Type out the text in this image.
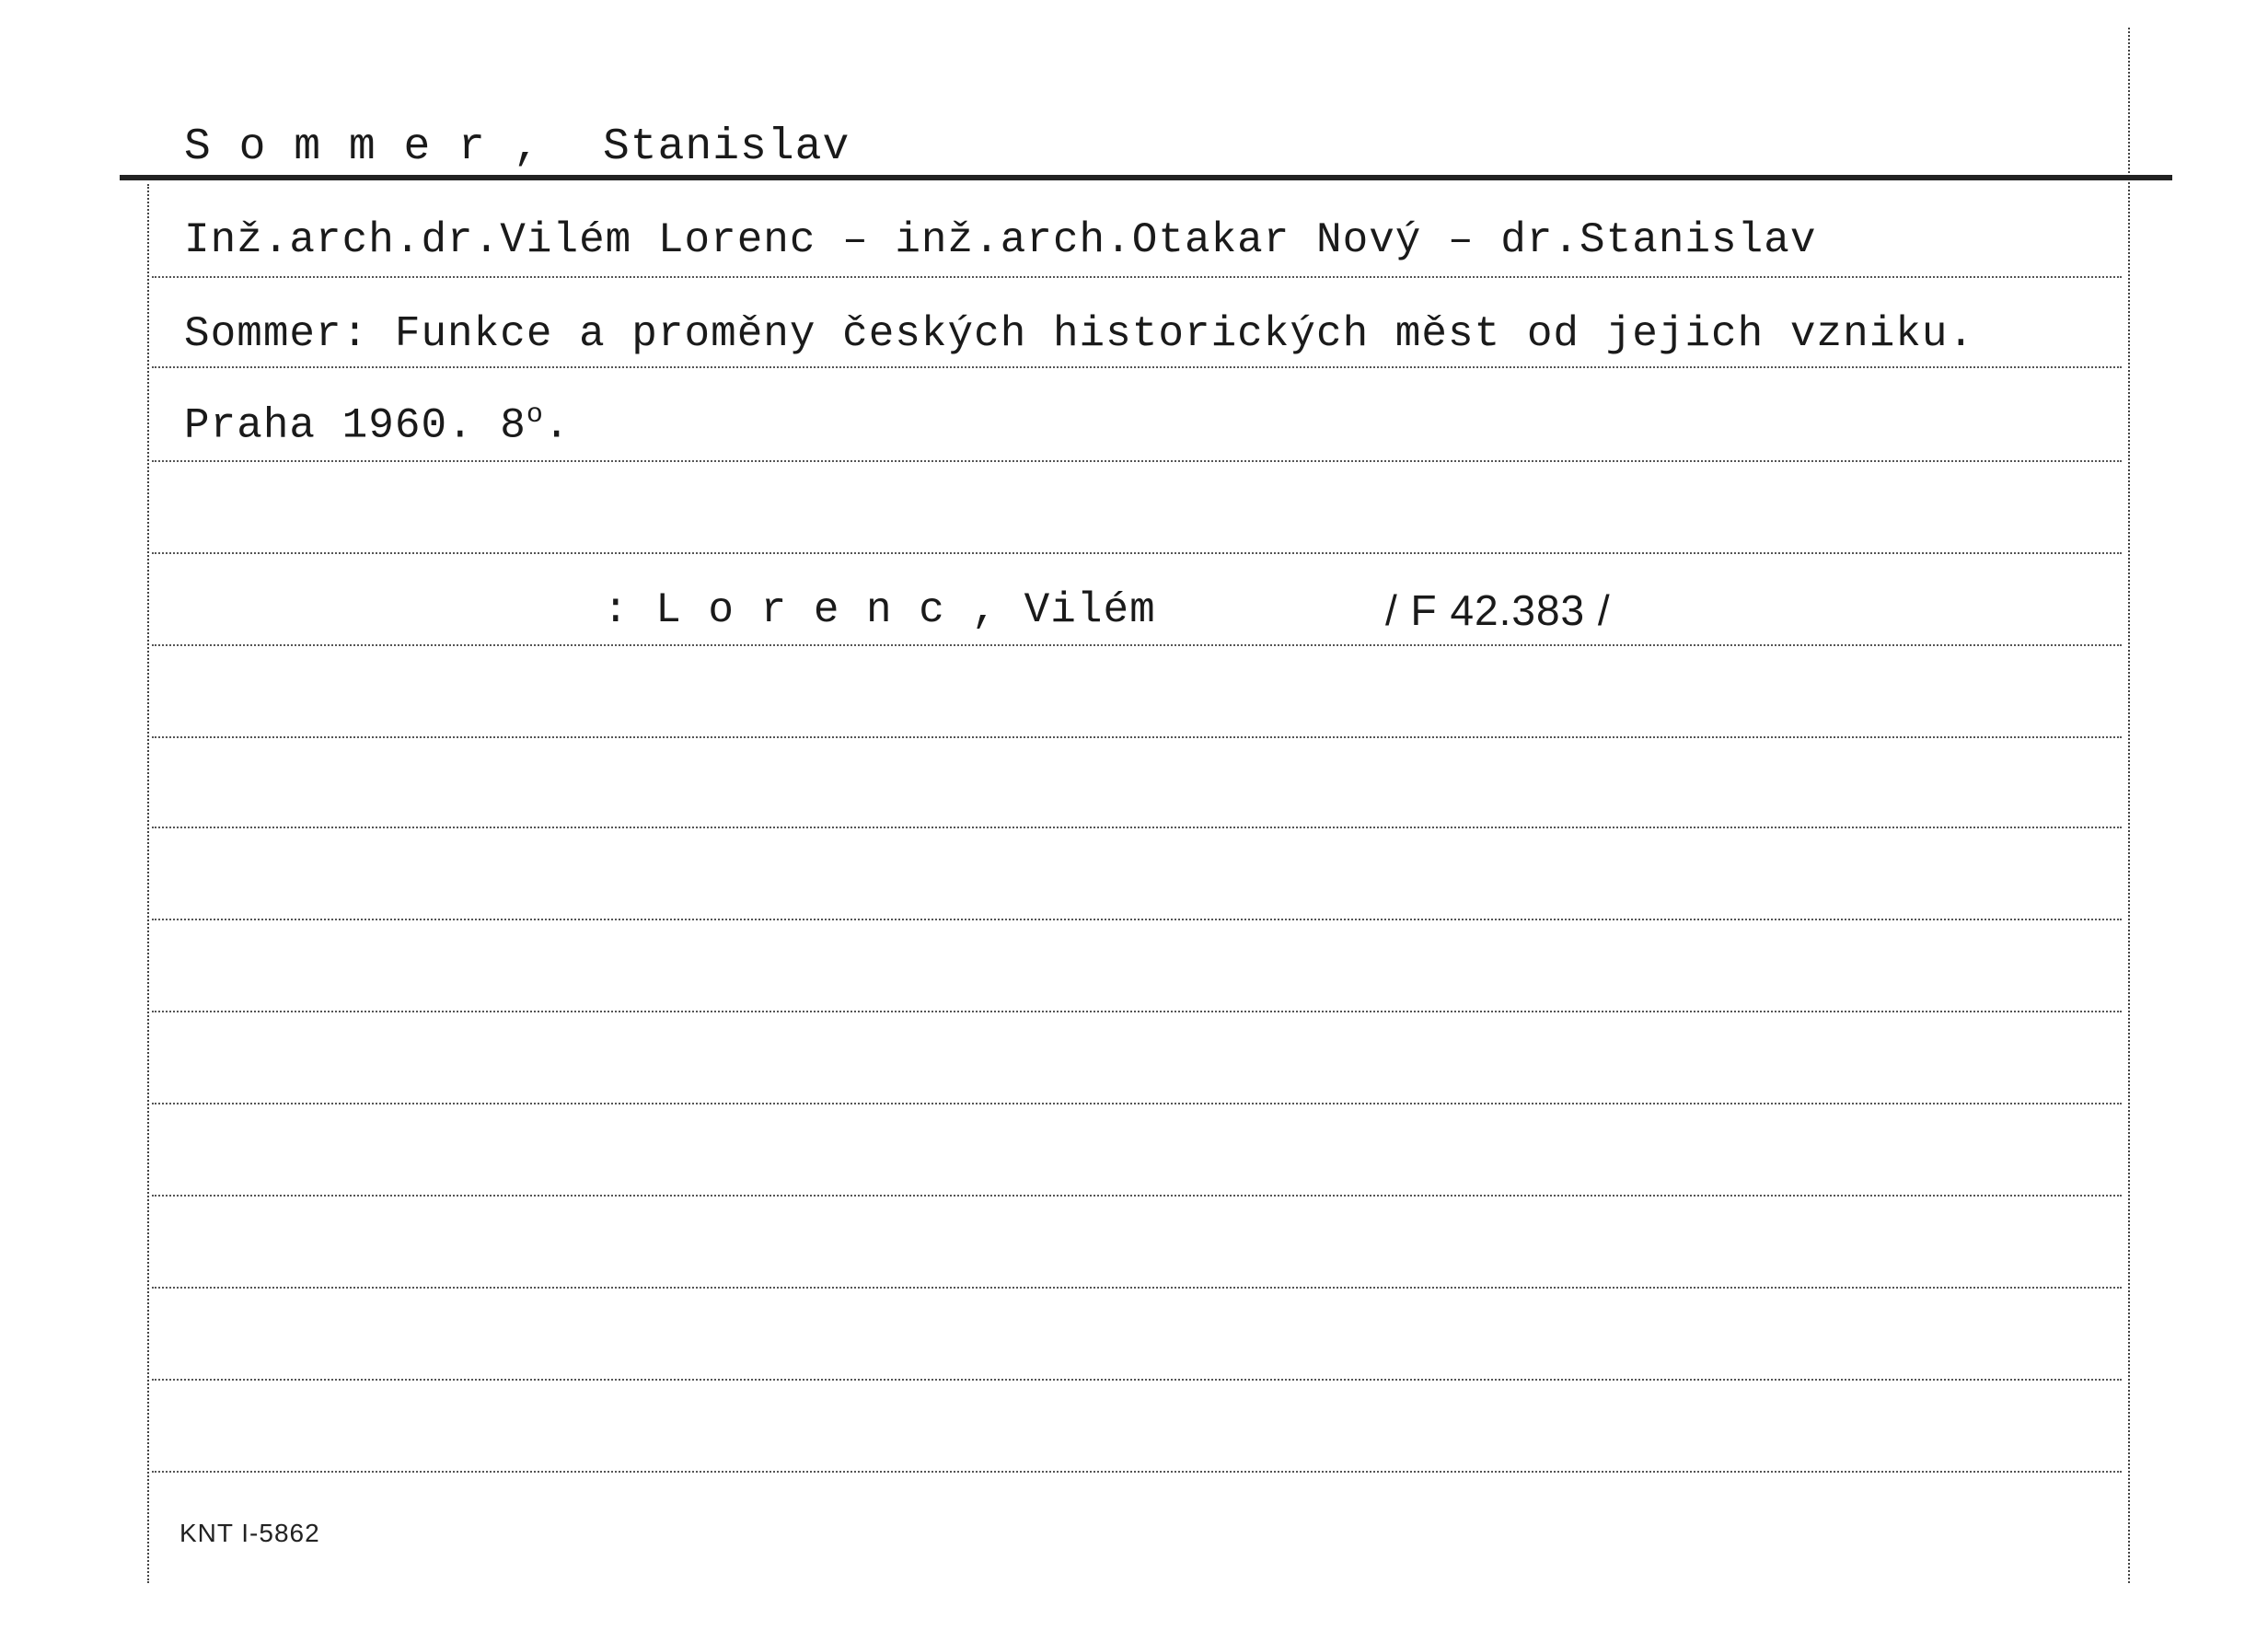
S o m m e r , Stanislav
Inž.arch.dr.Vilém Lorenc – inž.arch.Otakar Nový – dr.Stanislav
Sommer: Funkce a proměny českých historických měst od jejich vzniku.
Praha 1960. 8$^o$.
: L o r e n c , Vilém	/ F 42.383 /
KNT I-5862
